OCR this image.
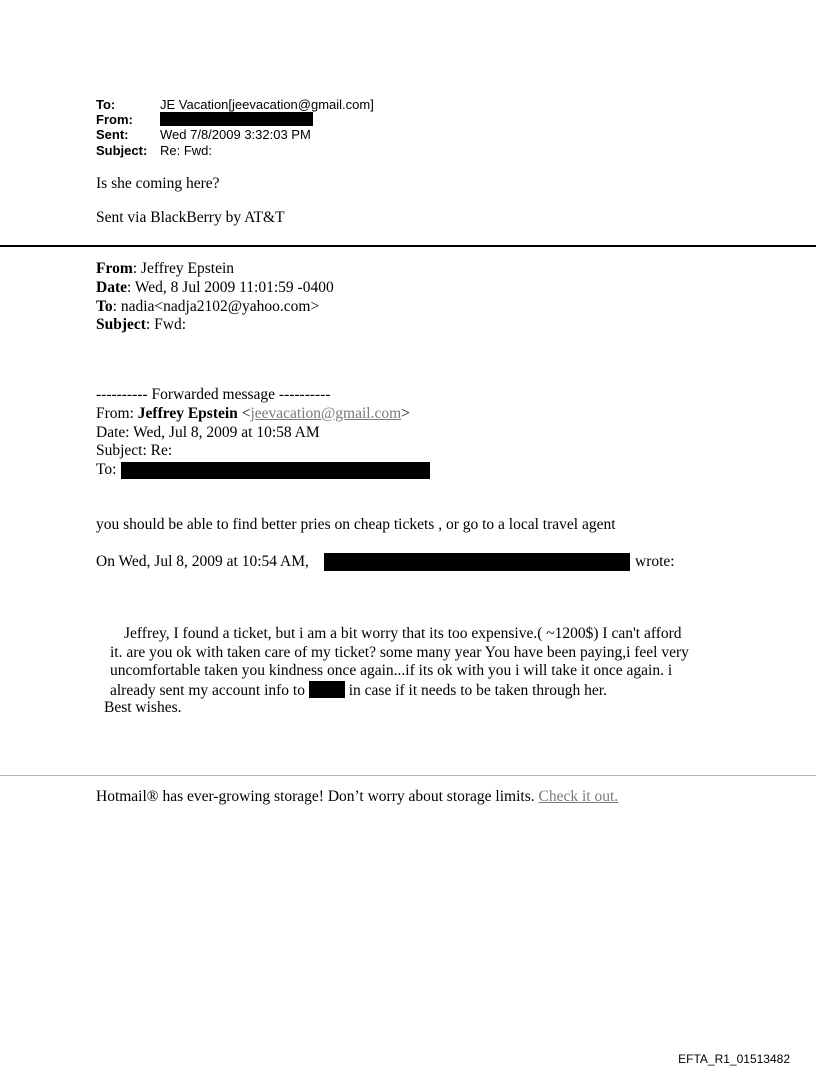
To:	JE Vacation[jeevacation@gmail.com]
From:
Sent: Wed 7/8/2009 3:32:03 PM
Subject: Re: Fwd:
Is she coming here?
Sent via BlackBerry by AT&T
From: Jeffrey Epstein
Date: Wed, 8 Jul 2009 11:01:59 -0400
To: nadia<nadja2102@yahoo.com>
Subject: Fwd:
---------- Forwarded message ----------
From: Jeffrey Epstein <jeevacation@gmail.com>
Date: Wed, Jul 8, 2009 at 10:58 AM
Subject: Re:
To:
you should be able to find better pries on cheap tickets , or go to a local travel agent
On Wed, Jul 8, 2009 at 10:54 AM,	wrote:
Jeffrey, I found a ticket, but i am a bit worry that its too expensive.( ~1200$) I can't afford
it. are you ok with taken care of my ticket? some many year You have been paying,i feel very
uncomfortable taken you kindness once again...if its ok with you i will take it once again. i
already sent my account info to	in case if it needs to be taken through her.
Best wishes.
Hotmail® has ever-growing storage! Don’t worry about storage limits. Check it out.
EFTA_R1_01513482
